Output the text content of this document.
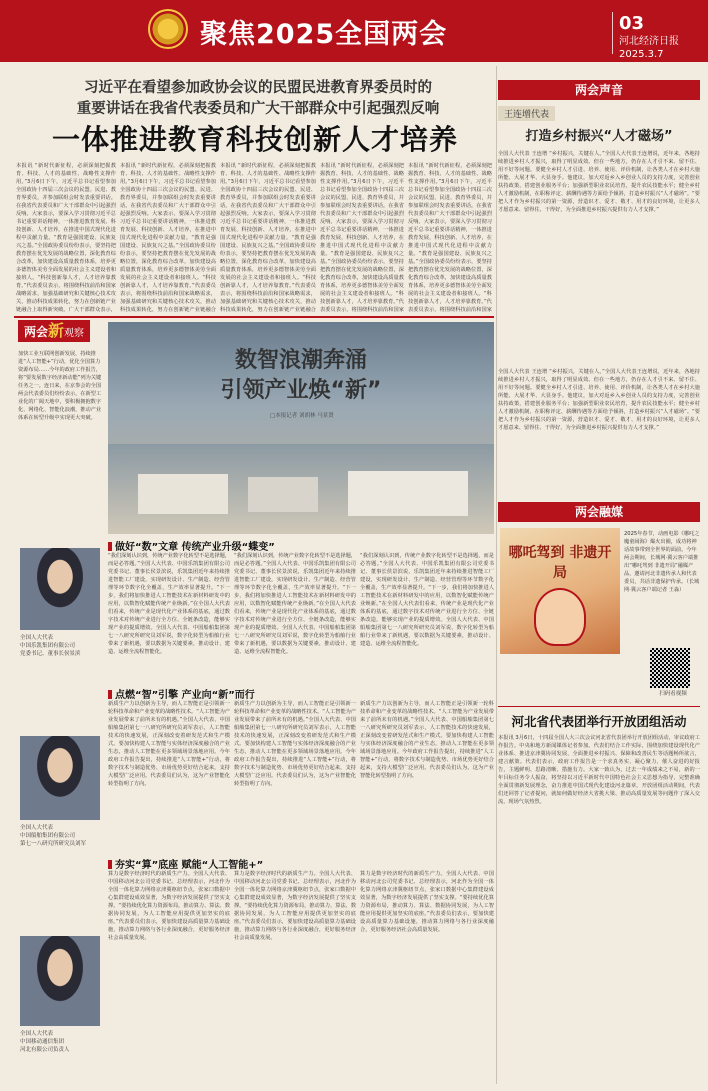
聚焦2025全国两会	03
河北经济日报
2025.3.7
习近平在看望参加政协会议的民盟民进教育界委员时的
重要讲话在我省代表委员和广大干部群众中引起强烈反响
一体推进教育科技创新人才培养
本报讯 “新时代新征程，必须深刻把握教育、科技、人才的基础性、战略性支撑作用。”3月6日下午，习近平总书记看望参加全国政协十四届三次会议的民盟、民进、教育界委员，并参加联组会时发表重要讲话。在我省代表委员和广大干部群众中引起强烈反响。大家表示，要深入学习贯彻习近平总书记重要讲话精神，一体推进教育发展、科技创新、人才培养，在推进中国式现代化进程中贡献力量。“教育是强国建设、民族复兴之基。”全国政协委员纷纷表示，要坚持把教育摆在优先发展的战略位置，深化教育综合改革，加快建设高质量教育体系，培养更多德智体美劳全面发展的社会主义建设者和接班人。“科技创新靠人才，人才培养靠教育。”代表委员表示，将围绕科技前沿和国家战略需求，加强基础研究和关键核心技术攻关，推动科技成果转化，努力在创新链产业链融合上取得新突破。广大干部群众表示，
本报讯 “新时代新征程，必须深刻把握教育、科技、人才的基础性、战略性支撑作用。”3月6日下午，习近平总书记看望参加全国政协十四届三次会议的民盟、民进、教育界委员，并参加联组会时发表重要讲话。在我省代表委员和广大干部群众中引起强烈反响。大家表示，要深入学习贯彻习近平总书记重要讲话精神，一体推进教育发展、科技创新、人才培养，在推进中国式现代化进程中贡献力量。“教育是强国建设、民族复兴之基。”全国政协委员纷纷表示，要坚持把教育摆在优先发展的战略位置，深化教育综合改革，加快建设高质量教育体系，培养更多德智体美劳全面发展的社会主义建设者和接班人。“科技创新靠人才，人才培养靠教育。”代表委员表示，将围绕科技前沿和国家战略需求，加强基础研究和关键核心技术攻关，推动科技成果转化，努力在创新链产业链融合
本报讯 “新时代新征程，必须深刻把握教育、科技、人才的基础性、战略性支撑作用。”3月6日下午，习近平总书记看望参加全国政协十四届三次会议的民盟、民进、教育界委员，并参加联组会时发表重要讲话。在我省代表委员和广大干部群众中引起强烈反响。大家表示，要深入学习贯彻习近平总书记重要讲话精神，一体推进教育发展、科技创新、人才培养，在推进中国式现代化进程中贡献力量。“教育是强国建设、民族复兴之基。”全国政协委员纷纷表示，要坚持把教育摆在优先发展的战略位置，深化教育综合改革，加快建设高质量教育体系，培养更多德智体美劳全面发展的社会主义建设者和接班人。“科技创新靠人才，人才培养靠教育。”代表委员表示，将围绕科技前沿和国家战略需求，加强基础研究和关键核心技术攻关，推动科技成果转化，努力在创新链产业链融合
本报讯 “新时代新征程，必须深刻把握教育、科技、人才的基础性、战略性支撑作用。”3月6日下午，习近平总书记看望参加全国政协十四届三次会议的民盟、民进、教育界委员，并参加联组会时发表重要讲话。在我省代表委员和广大干部群众中引起强烈反响。大家表示，要深入学习贯彻习近平总书记重要讲话精神，一体推进教育发展、科技创新、人才培养，在推进中国式现代化进程中贡献力量。“教育是强国建设、民族复兴之基。”全国政协委员纷纷表示，要坚持把教育摆在优先发展的战略位置，深化教育综合改革，加快建设高质量教育体系，培养更多德智体美劳全面发展的社会主义建设者和接班人。“科技创新靠人才，人才培养靠教育。”代表委员表示，将围绕科技前沿和国家
本报讯 “新时代新征程，必须深刻把握教育、科技、人才的基础性、战略性支撑作用。”3月6日下午，习近平总书记看望参加全国政协十四届三次会议的民盟、民进、教育界委员，并参加联组会时发表重要讲话。在我省代表委员和广大干部群众中引起强烈反响。大家表示，要深入学习贯彻习近平总书记重要讲话精神，一体推进教育发展、科技创新、人才培养，在推进中国式现代化进程中贡献力量。“教育是强国建设、民族复兴之基。”全国政协委员纷纷表示，要坚持把教育摆在优先发展的战略位置，深化教育综合改革，加快建设高质量教育体系，培养更多德智体美劳全面发展的社会主义建设者和接班人。“科技创新靠人才，人才培养靠教育。”代表委员表示，将围绕科技前沿和国家
两会新观察
加快工业互联网创新发展，持续推进“人工智能+”行动，优化全国算力资源布局……今年的政府工作报告，将“要发展数字经济新动能”列为关键任务之一。连日来，在京参会的全国两会代表委员们纷纷表示，在新型工业化的广阔天地中，要积极拥抱数字化、网络化、智能化浪潮，推动产业体系在转型升级中实现更大突破。
数智浪潮奔涌
引领产业焕“新”
□本报记者 刘胡林 马景贤
做好“数”文章 传统产业升级“蝶变”
“我们深刻认识到，传统产业数字化转型不是选择题，而是必答题。”全国人大代表、中国乐凯集团有限公司党委书记、董事长侯景滨说，乐凯集团近年来持续推进智能工厂建设，实现研发设计、生产制造、经营管理等环节数字化全覆盖，生产效率显著提升。“下一步，我们将加快推进人工智能技术在新材料研发中的应用，以数智化赋能传统产业焕新。”在全国人大代表们看来，传统产业是现代化产业体系的基底，通过数字技术对传统产业进行全方位、全链条改造，能够实现产业的提质增效。全国人大代表、中国船舶集团第七一八研究所研究员刘军说，数字化转型为船舶行业带来了新机遇，要以数据为关键要素，推动设计、建造、运维全流程智能化。
“我们深刻认识到，传统产业数字化转型不是选择题，而是必答题。”全国人大代表、中国乐凯集团有限公司党委书记、董事长侯景滨说，乐凯集团近年来持续推进智能工厂建设，实现研发设计、生产制造、经营管理等环节数字化全覆盖，生产效率显著提升。“下一步，我们将加快推进人工智能技术在新材料研发中的应用，以数智化赋能传统产业焕新。”在全国人大代表们看来，传统产业是现代化产业体系的基底，通过数字技术对传统产业进行全方位、全链条改造，能够实现产业的提质增效。全国人大代表、中国船舶集团第七一八研究所研究员刘军说，数字化转型为船舶行业带来了新机遇，要以数据为关键要素，推动设计、建造、运维全流程智能化。
“我们深刻认识到，传统产业数字化转型不是选择题，而是必答题。”全国人大代表、中国乐凯集团有限公司党委书记、董事长侯景滨说，乐凯集团近年来持续推进智能工厂建设，实现研发设计、生产制造、经营管理等环节数字化全覆盖，生产效率显著提升。“下一步，我们将加快推进人工智能技术在新材料研发中的应用，以数智化赋能传统产业焕新。”在全国人大代表们看来，传统产业是现代化产业体系的基底，通过数字技术对传统产业进行全方位、全链条改造，能够实现产业的提质增效。全国人大代表、中国船舶集团第七一八研究所研究员刘军说，数字化转型为船舶行业带来了新机遇，要以数据为关键要素，推动设计、建造、运维全流程智能化。
点燃“智”引擎 产业向“新”而行
新质生产力以创新为主导，而人工智能正是引领新一轮科技革命和产业变革的战略性技术。“人工智能为产业发展带来了前所未有的机遇。”全国人大代表、中国船舶集团第七一八研究所研究员刘军表示，人工智能技术的快速发展，正深刻改变着研发范式和生产模式。要加快构建人工智能与实体经济深度融合的产业生态，推动人工智能在更多领域场景落地应用。今年政府工作报告提出，持续推进“人工智能+”行动，将数字技术与制造优势、市场优势更好结合起来，支持大模型广泛应用。代表委员们认为，这为产业智能化转型指明了方向。
新质生产力以创新为主导，而人工智能正是引领新一轮科技革命和产业变革的战略性技术。“人工智能为产业发展带来了前所未有的机遇。”全国人大代表、中国船舶集团第七一八研究所研究员刘军表示，人工智能技术的快速发展，正深刻改变着研发范式和生产模式。要加快构建人工智能与实体经济深度融合的产业生态，推动人工智能在更多领域场景落地应用。今年政府工作报告提出，持续推进“人工智能+”行动，将数字技术与制造优势、市场优势更好结合起来，支持大模型广泛应用。代表委员们认为，这为产业智能化转型指明了方向。
新质生产力以创新为主导，而人工智能正是引领新一轮科技革命和产业变革的战略性技术。“人工智能为产业发展带来了前所未有的机遇。”全国人大代表、中国船舶集团第七一八研究所研究员刘军表示，人工智能技术的快速发展，正深刻改变着研发范式和生产模式。要加快构建人工智能与实体经济深度融合的产业生态，推动人工智能在更多领域场景落地应用。今年政府工作报告提出，持续推进“人工智能+”行动，将数字技术与制造优势、市场优势更好结合起来，支持大模型广泛应用。代表委员们认为，这为产业智能化转型指明了方向。
夯实“算”底座 赋能“人工智能+”
算力是数字经济时代的新质生产力。全国人大代表、中国移动河北公司党委书记、总经理表示，河北作为全国一体化算力网络京津冀枢纽节点，张家口数据中心集群建设成效显著，为数字经济发展提供了坚实支撑。“要持续优化算力资源布局，推动算力、算法、数据协同发展，为人工智能应用提供更加坚实的底座。”代表委员们表示，要加快建设高质量算力基础设施，推动算力网络与各行业深度融合，更好服务经济社会高质量发展。
算力是数字经济时代的新质生产力。全国人大代表、中国移动河北公司党委书记、总经理表示，河北作为全国一体化算力网络京津冀枢纽节点，张家口数据中心集群建设成效显著，为数字经济发展提供了坚实支撑。“要持续优化算力资源布局，推动算力、算法、数据协同发展，为人工智能应用提供更加坚实的底座。”代表委员们表示，要加快建设高质量算力基础设施，推动算力网络与各行业深度融合，更好服务经济社会高质量发展。
算力是数字经济时代的新质生产力。全国人大代表、中国移动河北公司党委书记、总经理表示，河北作为全国一体化算力网络京津冀枢纽节点，张家口数据中心集群建设成效显著，为数字经济发展提供了坚实支撑。“要持续优化算力资源布局，推动算力、算法、数据协同发展，为人工智能应用提供更加坚实的底座。”代表委员们表示，要加快建设高质量算力基础设施，推动算力网络与各行业深度融合，更好服务经济社会高质量发展。
全国人大代表
中国乐凯集团有限公司
党委书记、董事长侯景滨
全国人大代表
中国船舶集团有限公司
第七一八研究所研究员刘军
全国人大代表
中国移动通信集团
河北有限公司负责人
两会声音
王连增代表
打造乡村振兴“人才磁场”
全国人大代表 王连增 “乡村振兴，关键在人。”全国人大代表王连增说，近年来，各地持续推进乡村人才振兴，取得了明显成效。但在一些地方，仍存在人才引不来、留不住、用不好等问题。要健全乡村人才引进、培养、使用、评价机制，让各类人才在乡村大施所能、大展才华、大显身手。他建议，加大对返乡入乡创业人员的支持力度，完善创业扶持政策，搭建创业服务平台；加强新型职业农民培育，提升农民技能水平；健全乡村人才激励机制，在职称评定、薪酬待遇等方面给予倾斜，打造乡村振兴“人才磁场”。“要把人才作为乡村振兴的第一资源，营造识才、爱才、敬才、用才的良好环境，让更多人才愿意来、留得住、干得好，为全面推进乡村振兴提供有力人才支撑。”
全国人大代表 王连增 “乡村振兴，关键在人。”全国人大代表王连增说，近年来，各地持续推进乡村人才振兴，取得了明显成效。但在一些地方，仍存在人才引不来、留不住、用不好等问题。要健全乡村人才引进、培养、使用、评价机制，让各类人才在乡村大施所能、大展才华、大显身手。他建议，加大对返乡入乡创业人员的支持力度，完善创业扶持政策，搭建创业服务平台；加强新型职业农民培育，提升农民技能水平；健全乡村人才激励机制，在职称评定、薪酬待遇等方面给予倾斜，打造乡村振兴“人才磁场”。“要把人才作为乡村振兴的第一资源，营造识才、爱才、敬才、用才的良好环境，让更多人才愿意来、留得住、干得好，为全面推进乡村振兴提供有力人才支撑。”
两会融媒
哪吒驾到 非遗开局
2025年春节，动画电影《哪吒之魔童闹海》爆火出圈，成功将神话故事带到全世界的面前。今年两会期间，长城网·冀云客户端推出“哪吒驾到 非遗开局”融媒产品，邀请河北非遗传承人和代表委员，共话非遗保护传承。（长城网·冀云客户端记者 王淼）
扫码看视频
河北省代表团举行开放团组活动
本报讯 3月6日，十四届全国人大三次会议河北省代表团举行开放团组活动，审议政府工作报告。中央和地方新闻媒体记者参加。代表们结合工作实际，围绕加快建设现代化产业体系、推进京津冀协同发展、全面推进乡村振兴、保障和改善民生等话题畅所欲言，建言献策。代表们表示，政府工作报告是一个求真务实、凝心聚力、催人奋进的好报告，主题鲜明、思路清晰、措施有力。大家一致认为，过去一年成绩来之不易，新的一年目标任务令人振奋，将坚持以习近平新时代中国特色社会主义思想为指导，完整准确全面贯彻新发展理念，奋力推进中国式现代化建设河北篇章。开放团组活动期间，代表们还回答了记者提问，就如何做好经济大省挑大梁、推动高质量发展等问题作了深入交流，现场气氛热烈。
